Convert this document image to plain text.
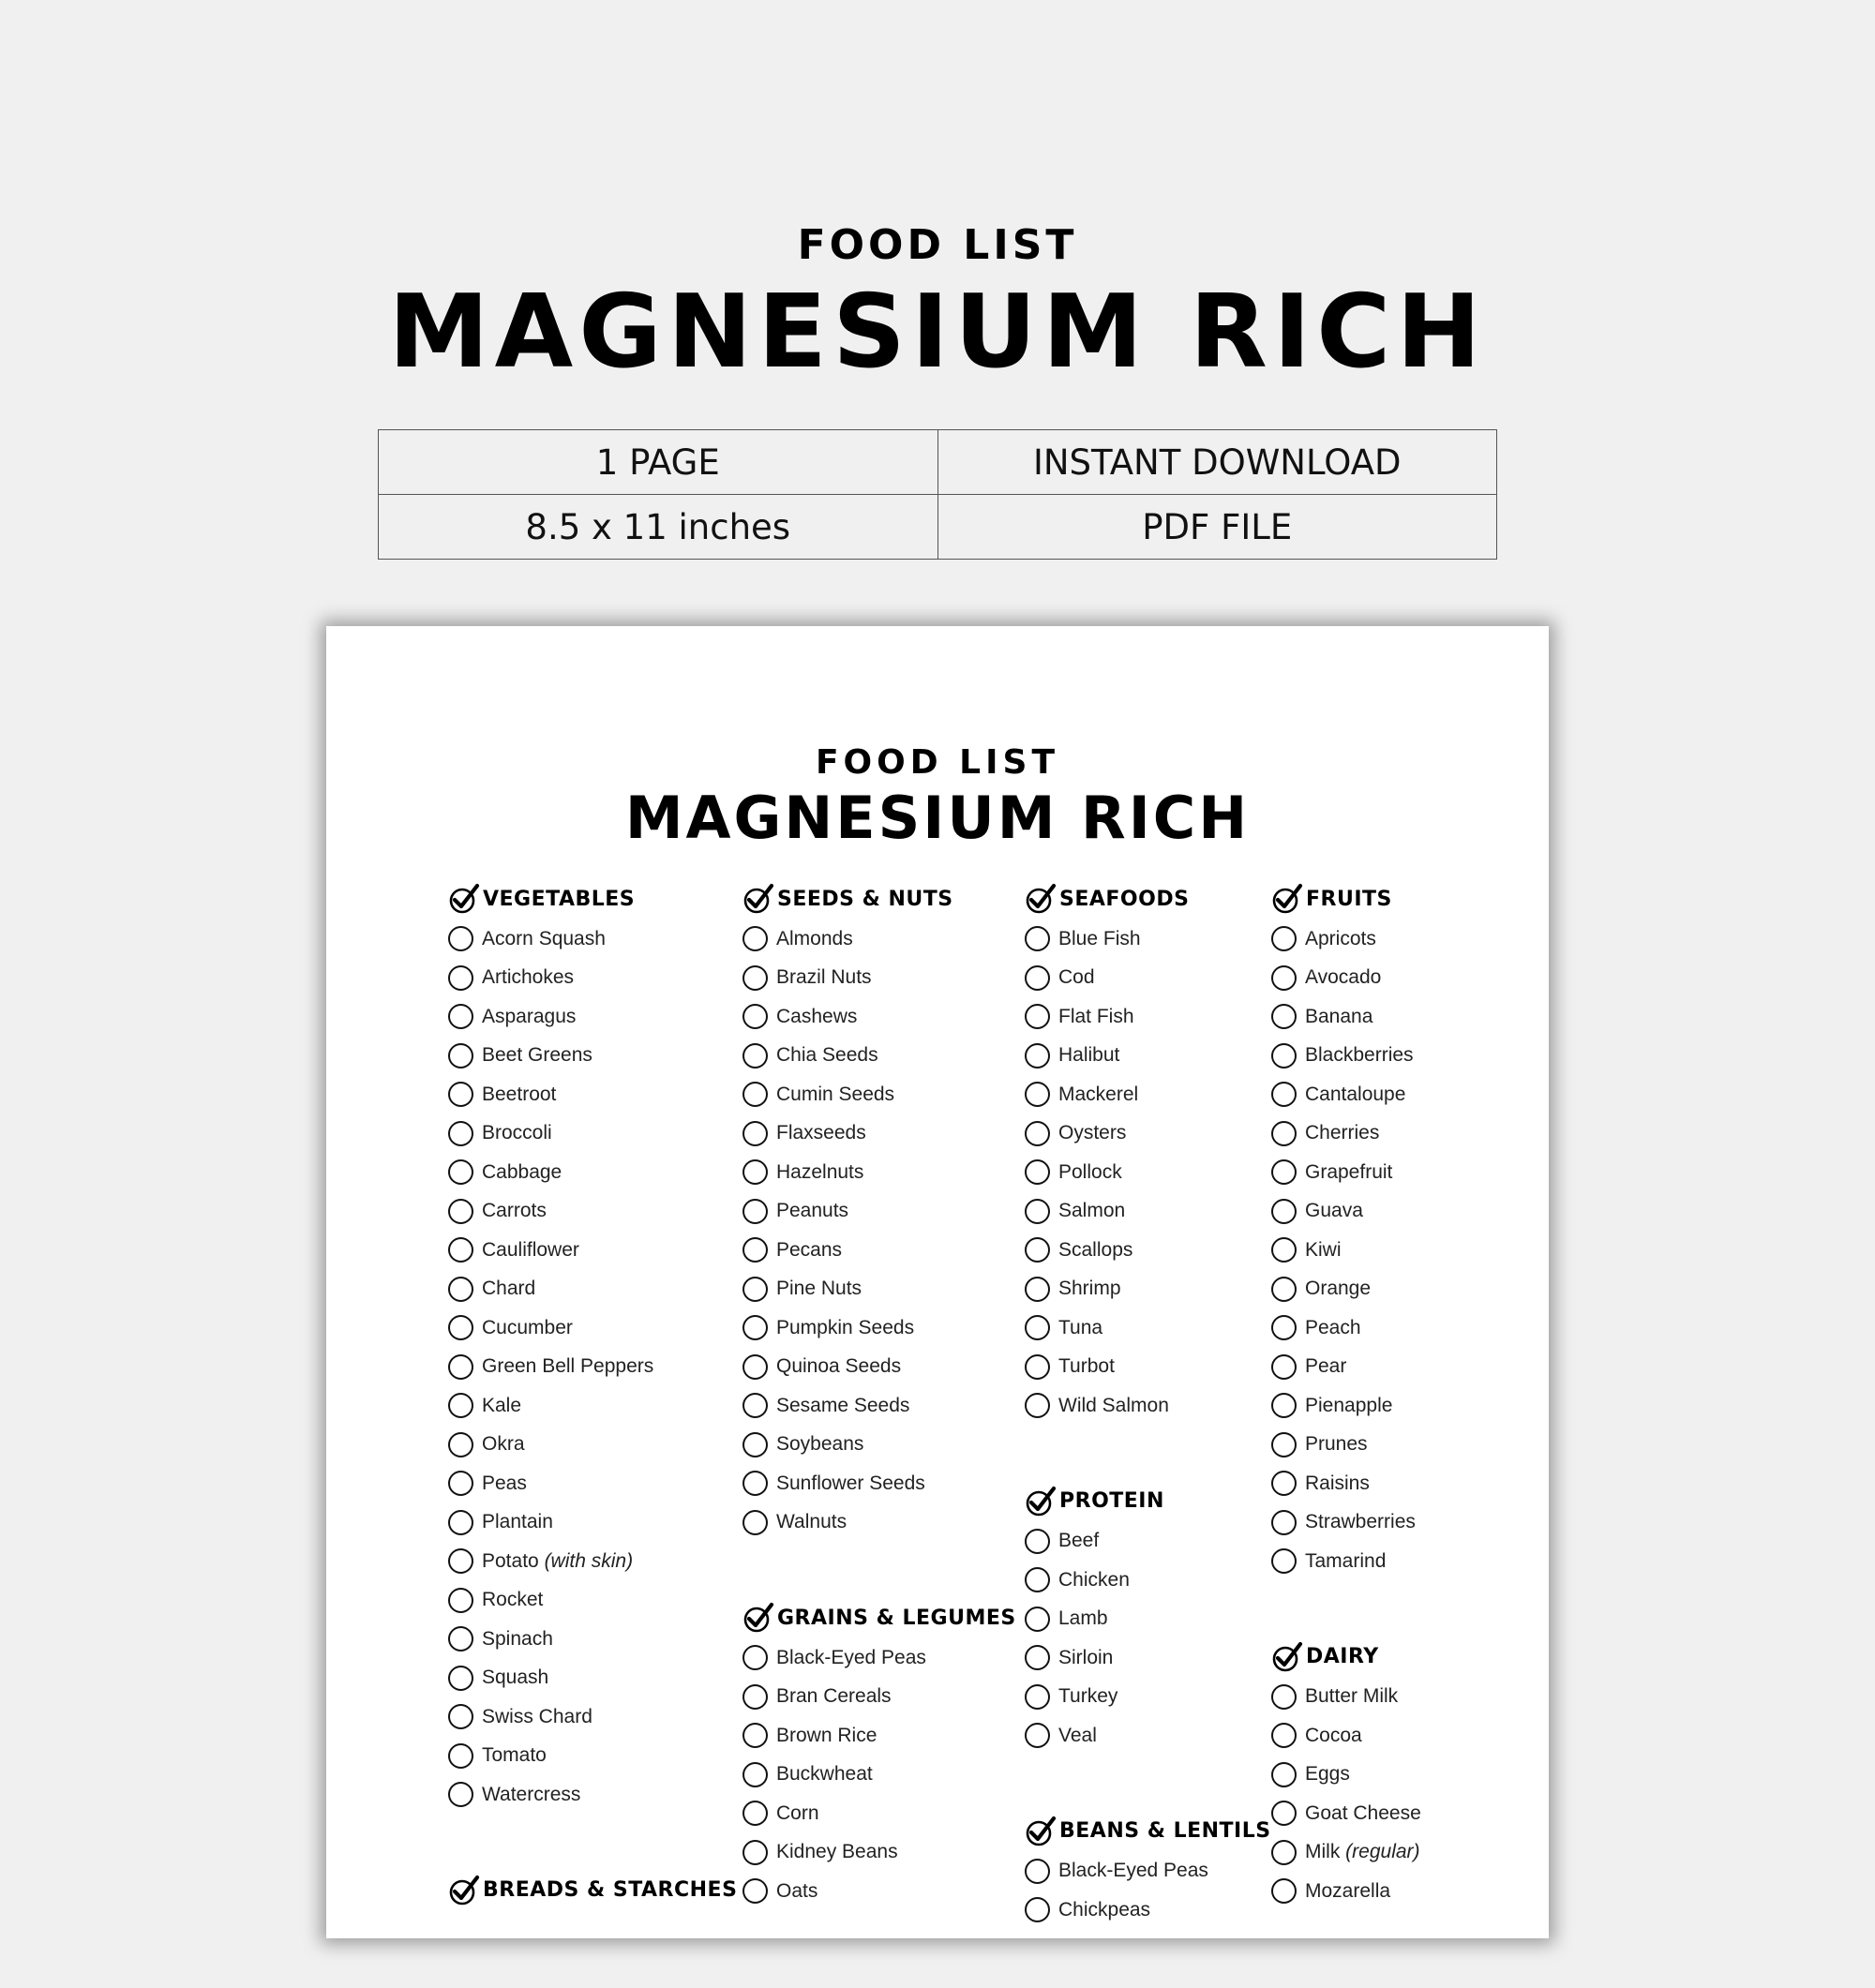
FOOD LIST
MAGNESIUM RICH
1 PAGE	INSTANT DOWNLOAD
8.5 x 11 inches	PDF FILE
FOOD LIST
MAGNESIUM RICH
VEGETABLES
Acorn Squash
Artichokes
Asparagus
Beet Greens
Beetroot
Broccoli
Cabbage
Carrots
Cauliflower
Chard
Cucumber
Green Bell Peppers
Kale
Okra
Peas
Plantain
Potato (with skin)
Rocket
Spinach
Squash
Swiss Chard
Tomato
Watercress
BREADS & STARCHES
SEEDS & NUTS
Almonds
Brazil Nuts
Cashews
Chia Seeds
Cumin Seeds
Flaxseeds
Hazelnuts
Peanuts
Pecans
Pine Nuts
Pumpkin Seeds
Quinoa Seeds
Sesame Seeds
Soybeans
Sunflower Seeds
Walnuts
GRAINS & LEGUMES
Black-Eyed Peas
Bran Cereals
Brown Rice
Buckwheat
Corn
Kidney Beans
Oats
SEAFOODS
Blue Fish
Cod
Flat Fish
Halibut
Mackerel
Oysters
Pollock
Salmon
Scallops
Shrimp
Tuna
Turbot
Wild Salmon
PROTEIN
Beef
Chicken
Lamb
Sirloin
Turkey
Veal
BEANS & LENTILS
Black-Eyed Peas
Chickpeas
FRUITS
Apricots
Avocado
Banana
Blackberries
Cantaloupe
Cherries
Grapefruit
Guava
Kiwi
Orange
Peach
Pear
Pienapple
Prunes
Raisins
Strawberries
Tamarind
DAIRY
Butter Milk
Cocoa
Eggs
Goat Cheese
Milk (regular)
Mozarella
